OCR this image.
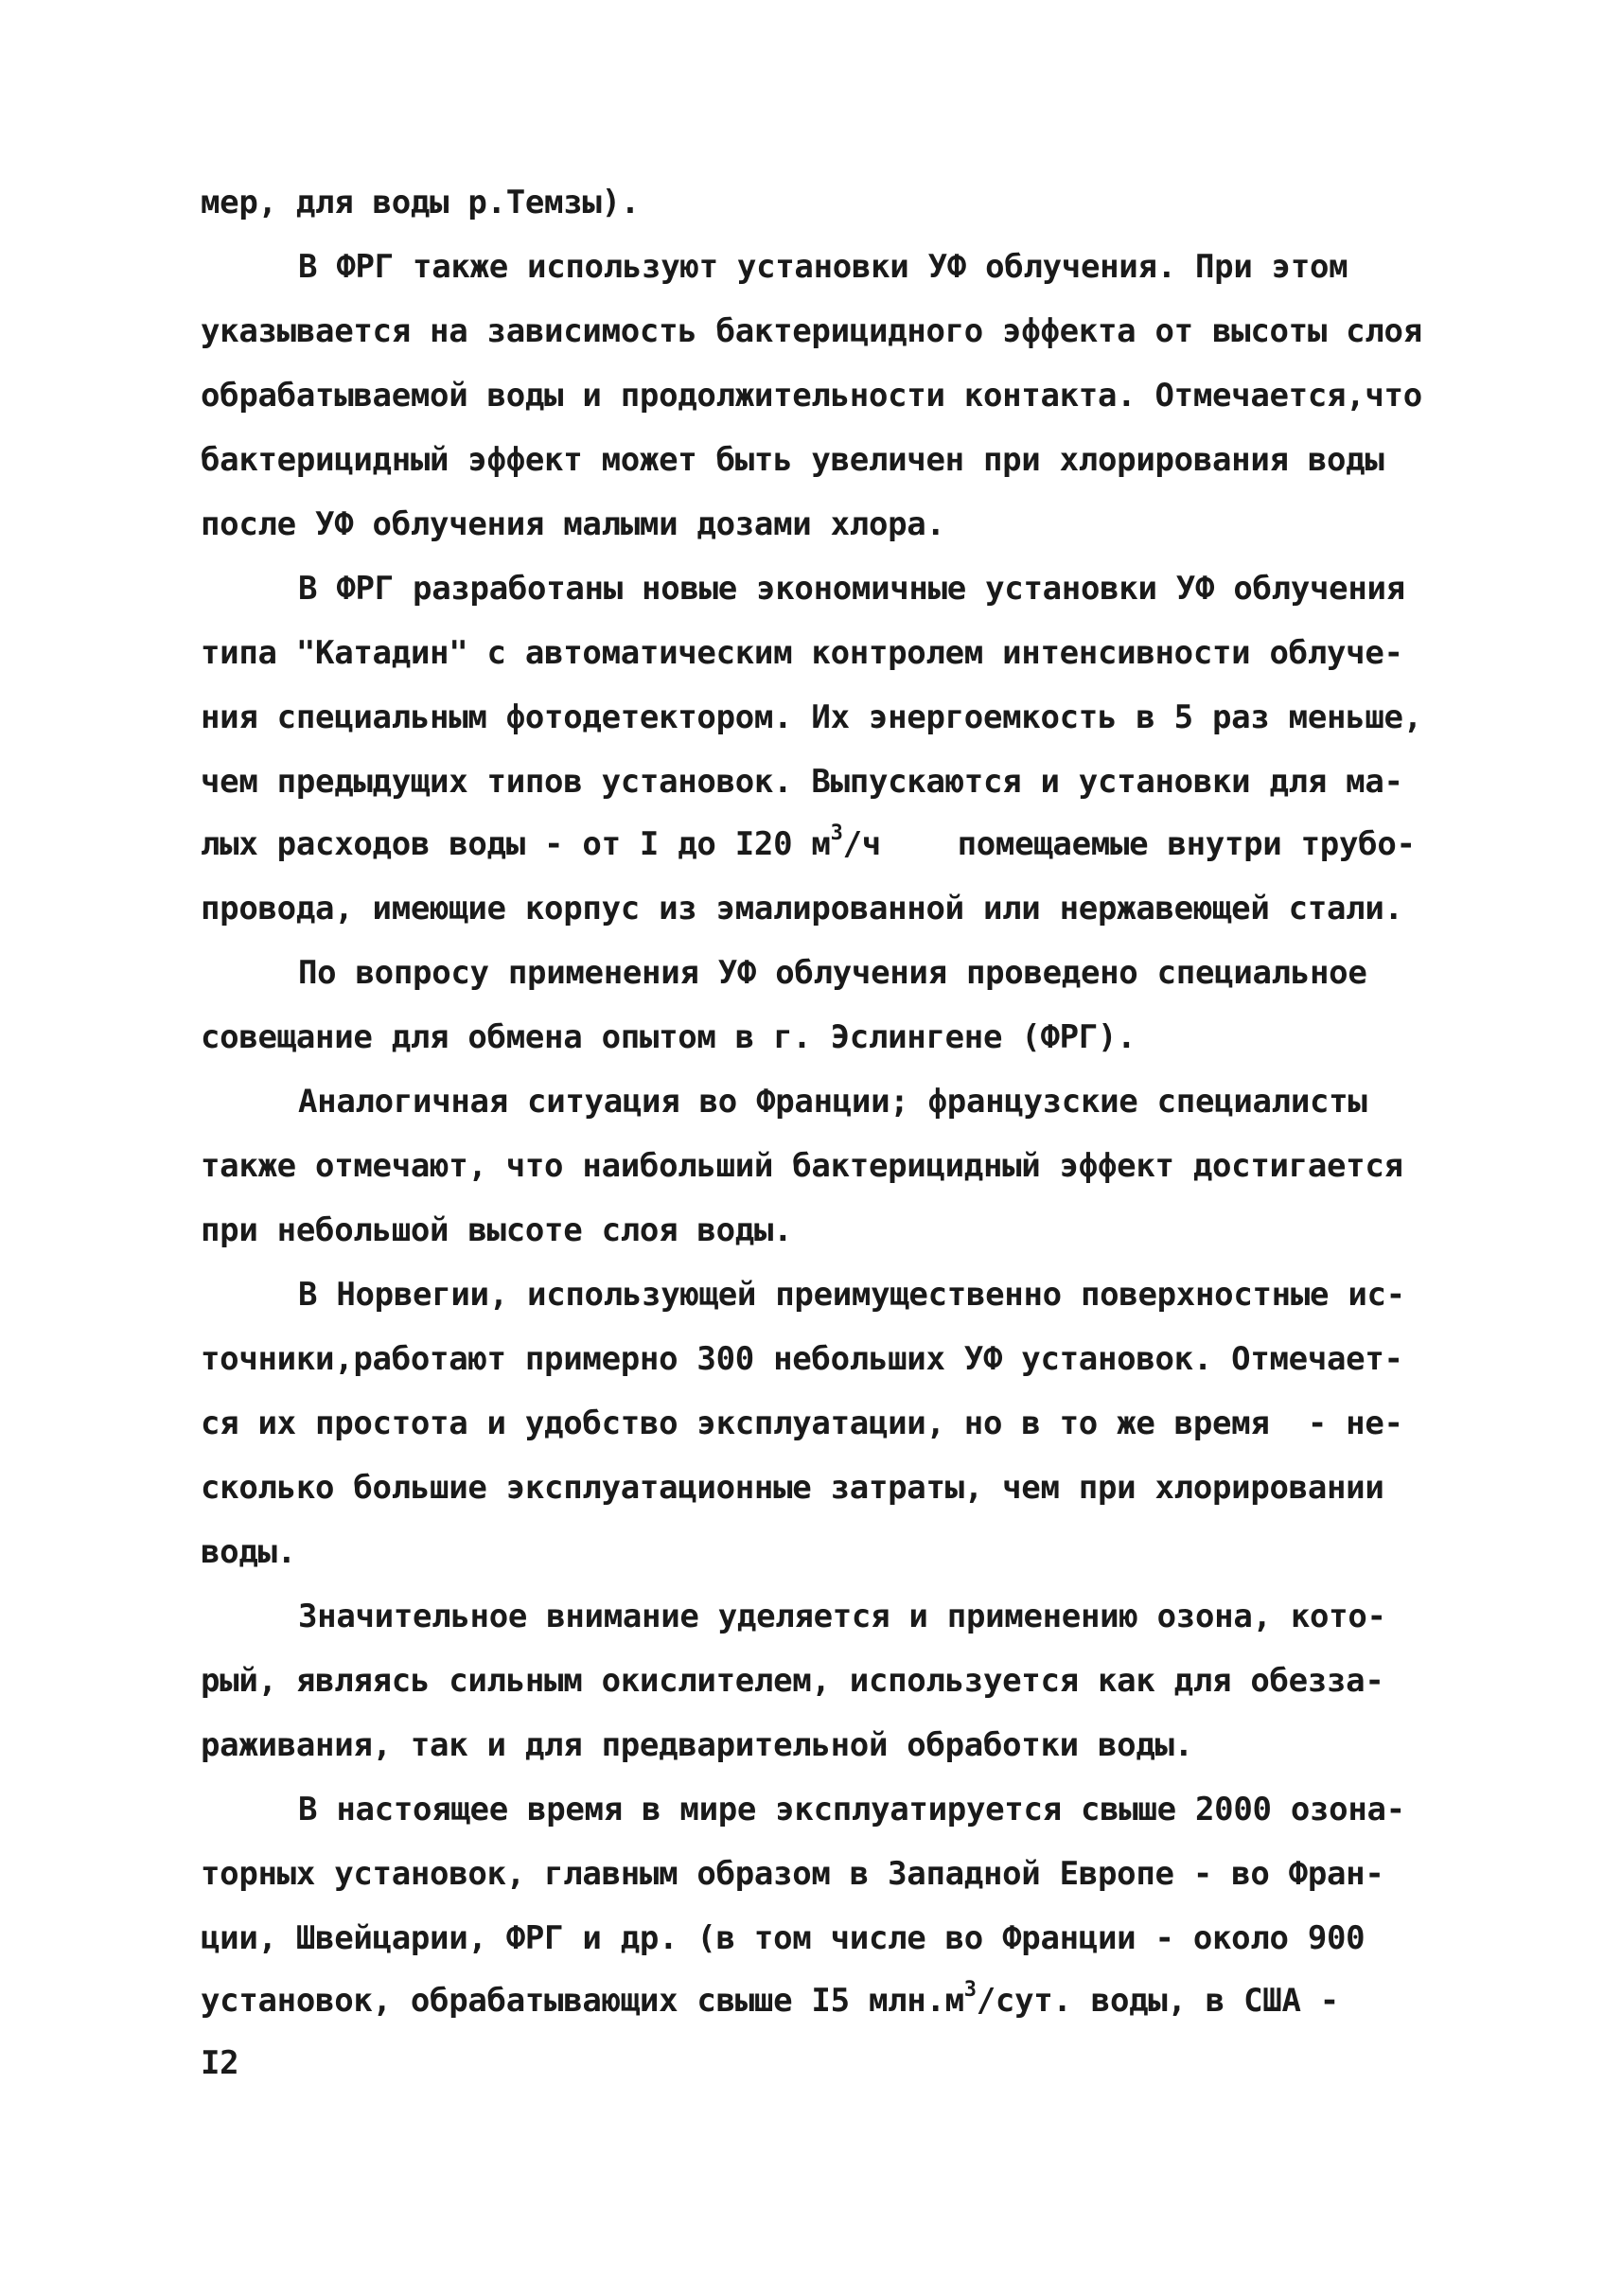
мер, для воды р.Темзы).
В ФРГ также используют установки УФ облучения. При этом
указывается на зависимость бактерицидного эффекта от высоты слоя
обрабатываемой воды и продолжительности контакта. Отмечается,что
бактерицидный эффект может быть увеличен при хлорирования воды
после УФ облучения малыми дозами хлора.
В ФРГ разработаны новые экономичные установки УФ облучения
типа "Катадин" с автоматическим контролем интенсивности облуче-
ния специальным фотодетектором. Их энергоемкость в 5 раз меньше,
чем предыдущих типов установок. Выпускаются и установки для ма-
лых расходов воды - от I до I20 $м^3/ч$    помещаемые внутри трубо-
провода, имеющие корпус из эмалированной или нержавеющей стали.
По вопросу применения УФ облучения проведено специальное
совещание для обмена опытом в г. Эслингене (ФРГ).
Аналогичная ситуация во Франции; французские специалисты
также отмечают, что наибольший бактерицидный эффект достигается
при небольшой высоте слоя воды.
В Норвегии, использующей преимущественно поверхностные ис-
точники,работают примерно 300 небольших УФ установок. Отмечает-
ся их простота и удобство эксплуатации, но в то же время  - не-
сколько большие эксплуатационные затраты, чем при хлорировании
воды.
Значительное внимание уделяется и применению озона, кото-
рый, являясь сильным окислителем, используется как для обезза-
раживания, так и для предварительной обработки воды.
В настоящее время в мире эксплуатируется свыше 2000 озона-
торных установок, главным образом в Западной Европе - во Фран-
ции, Швейцарии, ФРГ и др. (в том числе во Франции - около 900
установок, обрабатывающих свыше I5 $млн.м^3$/сут. воды, в США -
I2
